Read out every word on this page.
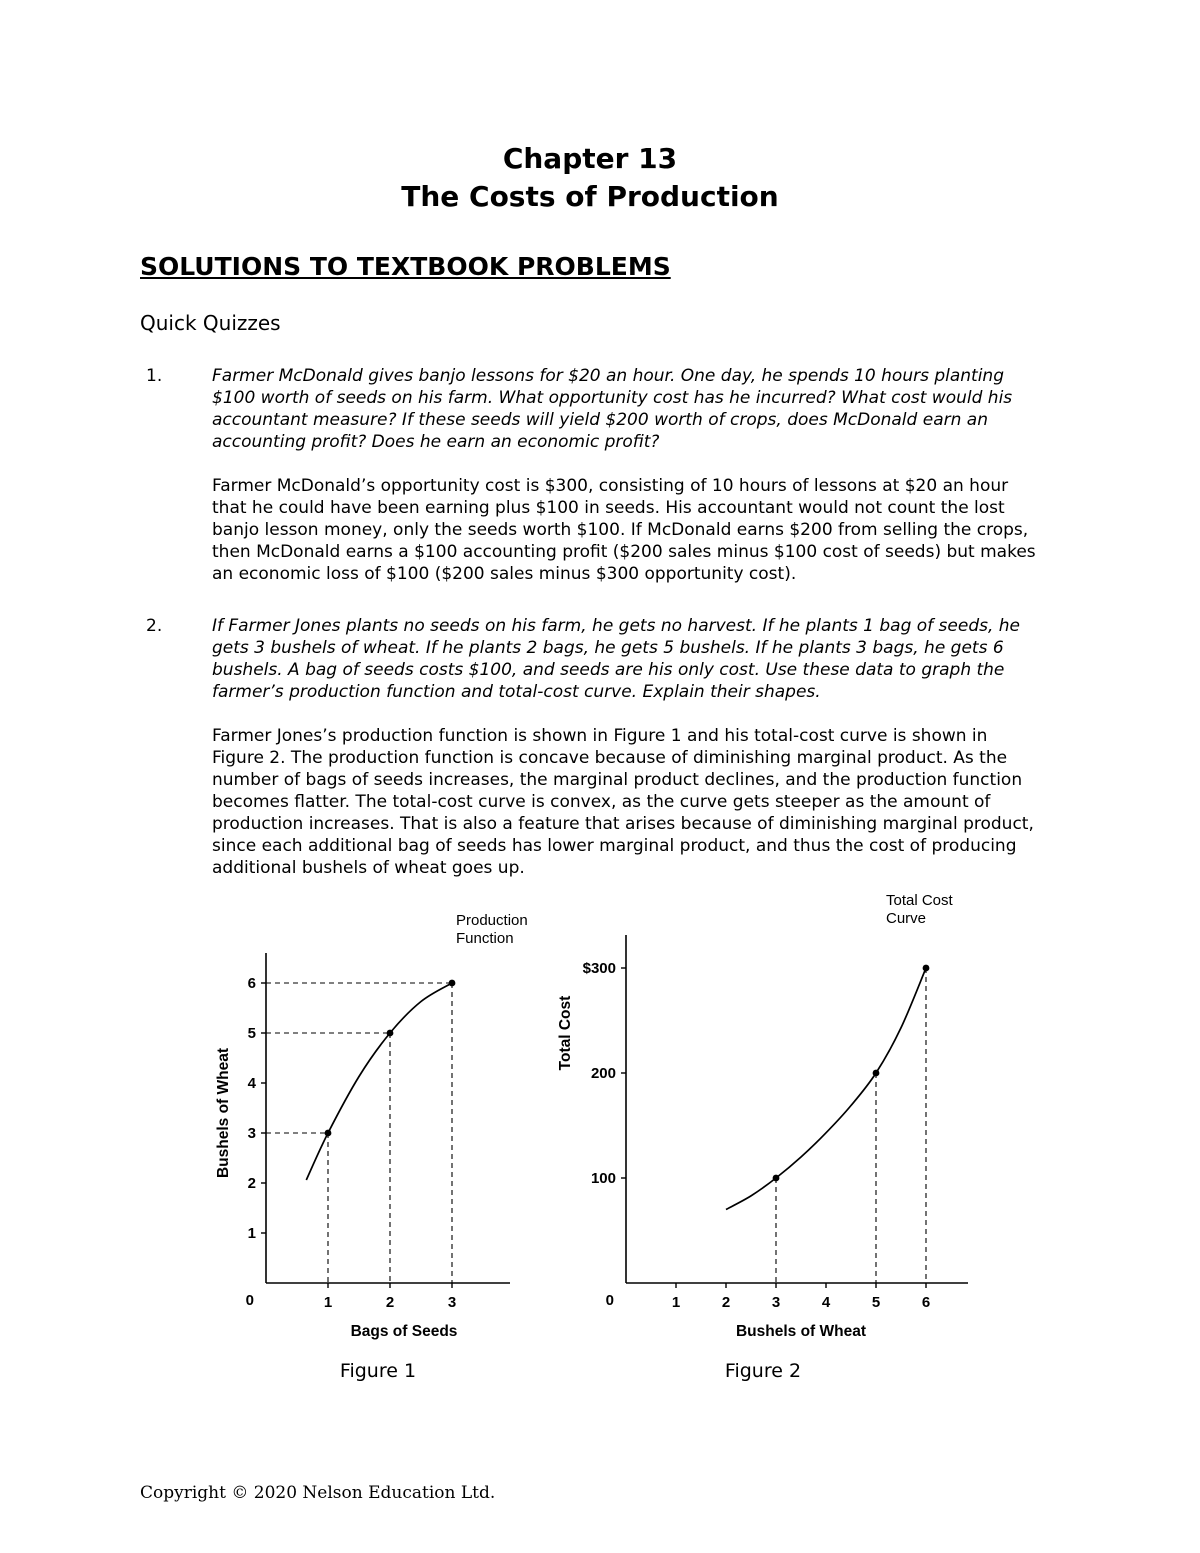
Chapter 13
The Costs of Production
SOLUTIONS TO TEXTBOOK PROBLEMS
Quick Quizzes
1.	Farmer McDonald gives banjo lessons for $20 an hour. One day, he spends 10 hours planting $100 worth of seeds on his farm. What opportunity cost has he incurred? What cost would his accountant measure? If these seeds will yield $200 worth of crops, does McDonald earn an accounting profit? Does he earn an economic profit?
Farmer McDonald’s opportunity cost is $300, consisting of 10 hours of lessons at $20 an hour that he could have been earning plus $100 in seeds. His accountant would not count the lost banjo lesson money, only the seeds worth $100. If McDonald earns $200 from selling the crops, then McDonald earns a $100 accounting profit ($200 sales minus $100 cost of seeds) but makes an economic loss of $100 ($200 sales minus $300 opportunity cost).
2.	If Farmer Jones plants no seeds on his farm, he gets no harvest. If he plants 1 bag of seeds, he gets 3 bushels of wheat. If he plants 2 bags, he gets 5 bushels. If he plants 3 bags, he gets 6 bushels. A bag of seeds costs $100, and seeds are his only cost. Use these data to graph the farmer’s production function and total-cost curve. Explain their shapes.
Farmer Jones’s production function is shown in Figure 1 and his total-cost curve is shown in Figure 2. The production function is concave because of diminishing marginal product. As the number of bags of seeds increases, the marginal product declines, and the production function becomes flatter. The total-cost curve is convex, as the curve gets steeper as the amount of production increases. That is also a feature that arises because of diminishing marginal product, since each additional bag of seeds has lower marginal product, and thus the cost of producing additional bushels of wheat goes up.
1
2
3
4
5
6
1	2	3
0
Bags of Seeds
Bushels of Wheat
Production
Function
Figure 1
100
200
$300
1	2	3	4	5	6
0
Bushels of Wheat
Total Cost
Total Cost
Curve
Figure 2
Copyright © 2020 Nelson Education Ltd.
